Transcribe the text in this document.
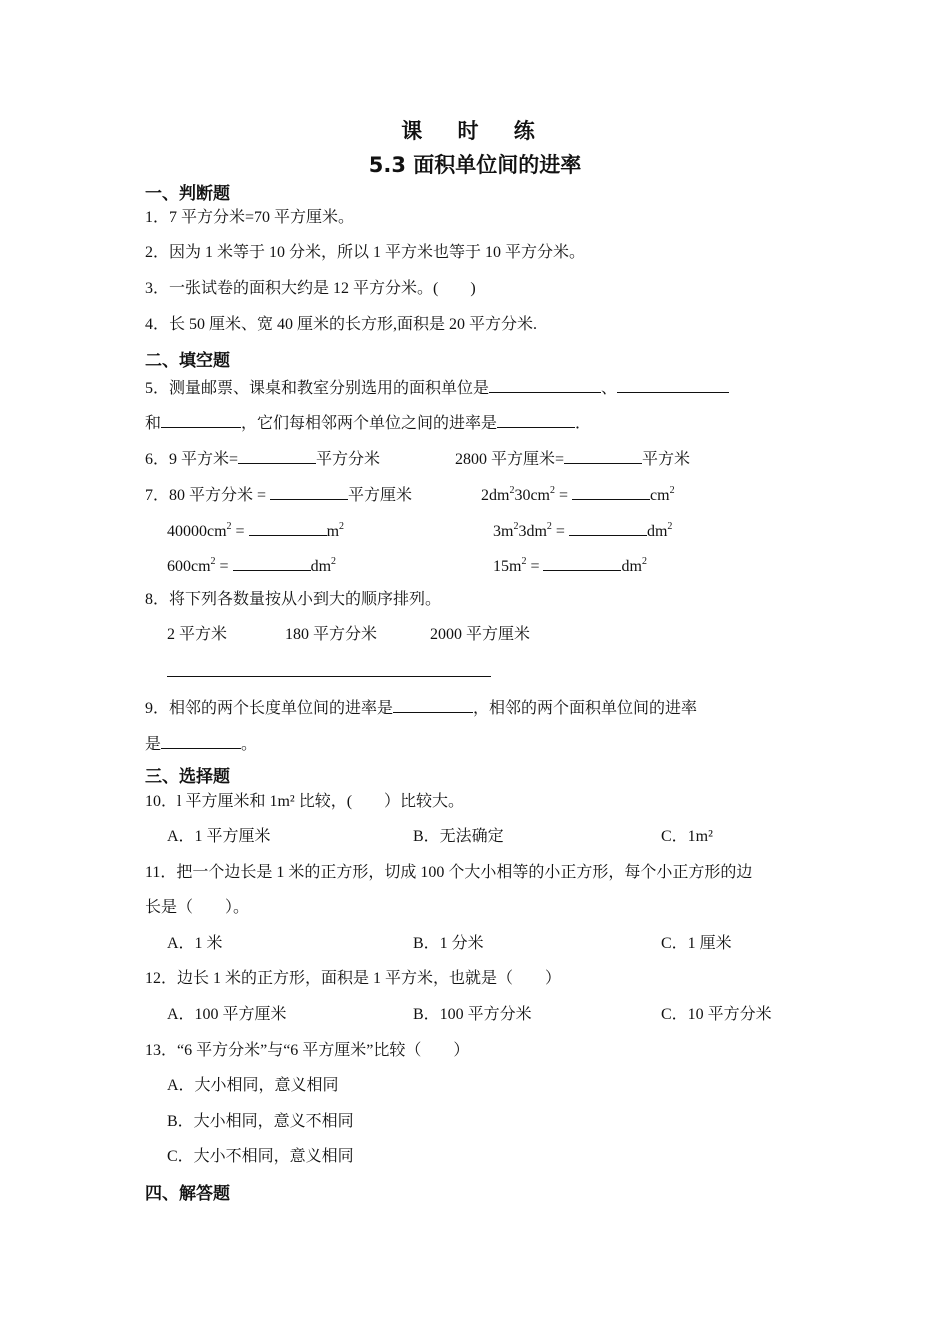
课 时 练
5.3 面积单位间的进率
一、判断题
1．7 平方分米=70 平方厘米。
2．因为 1 米等于 10 分米，所以 1 平方米也等于 10 平方分米。
3．一张试卷的面积大约是 12 平方分米。(　　)
4．长 50 厘米、宽 40 厘米的长方形,面积是 20 平方分米.
二、填空题
5．测量邮票、课桌和教室分别选用的面积单位是	、
和	，它们每相邻两个单位之间的进率是	．
6．9 平方米=	平方分米	2800 平方厘米=	平方米
7．80 平方分米 =	平方厘米	$2dm^230cm^2$ =	$cm^2$
$40000cm^2$ =	$m^2$	$3m^23dm^2$ =	$dm^2$
$600cm^2$ =	$dm^2$	$15m^2$ =	$dm^2$
8．将下列各数量按从小到大的顺序排列。
2 平方米	180 平方分米	2000 平方厘米
9．相邻的两个长度单位间的进率是	，相邻的两个面积单位间的进率
是	。
三、选择题
10．l 平方厘米和 1m² 比较，(　　）比较大。
A．1 平方厘米	B．无法确定	C．1m²
11．把一个边长是 1 米的正方形，切成 100 个大小相等的小正方形，每个小正方形的边
长是（　　）。
A．1 米	B．1 分米	C．1 厘米
12．边长 1 米的正方形，面积是 1 平方米，也就是（　　）
A．100 平方厘米	B．100 平方分米	C．10 平方分米
13．“6 平方分米”与“6 平方厘米”比较（　　）
A．大小相同，意义相同
B．大小相同，意义不相同
C．大小不相同，意义相同
四、解答题
